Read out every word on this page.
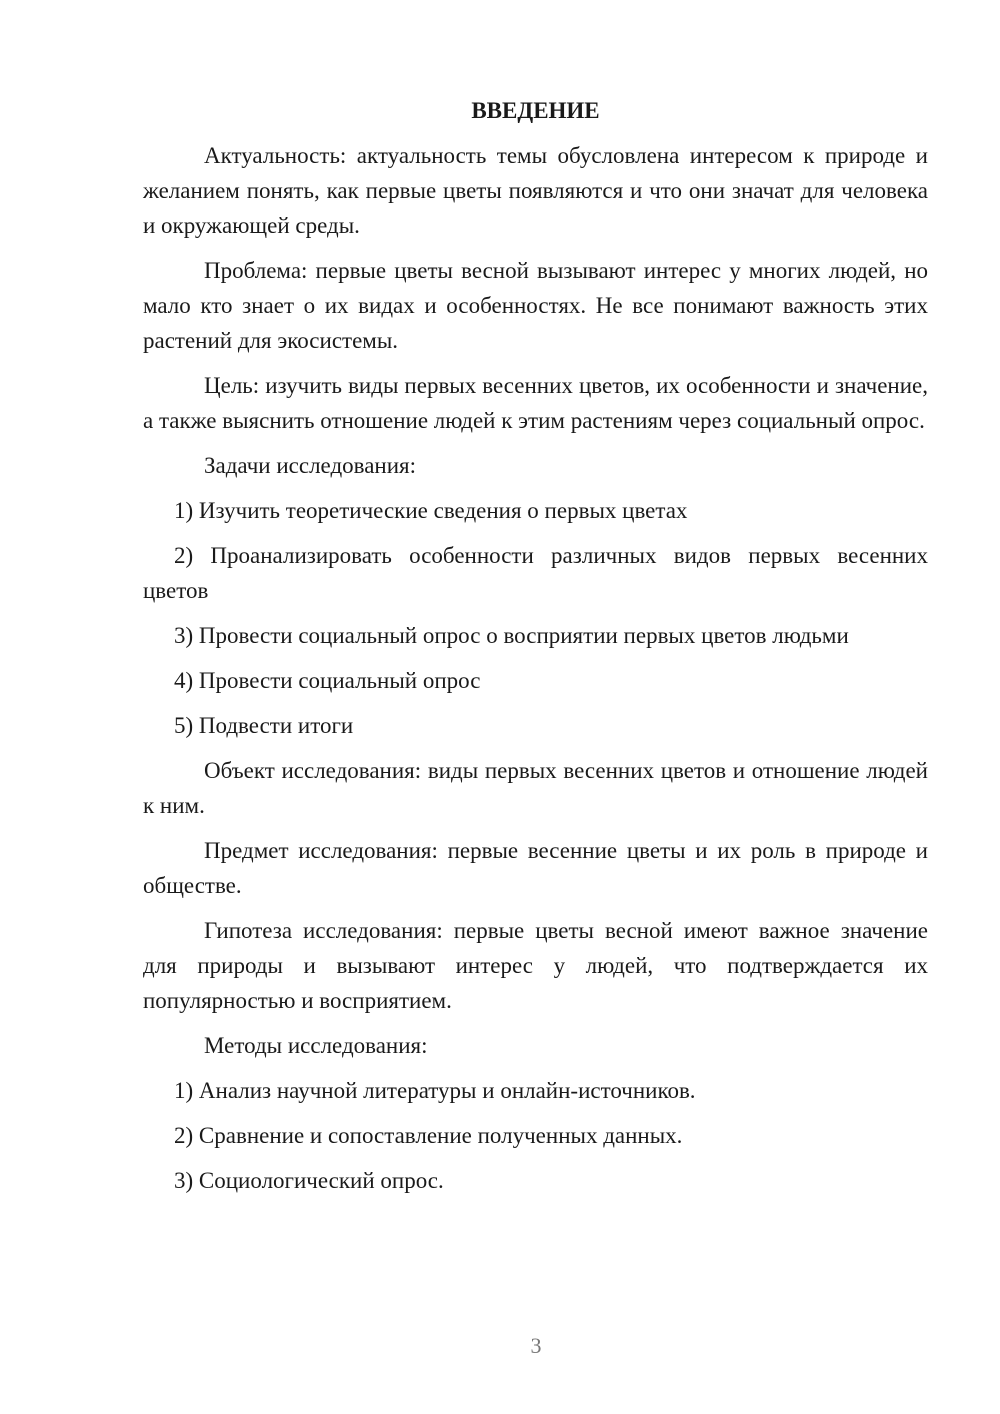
ВВЕДЕНИЕ

Актуальность: актуальность темы обусловлена интересом к природе и желанием понять, как первые цветы появляются и что они значат для человека и окружающей среды.

Проблема: первые цветы весной вызывают интерес у многих людей, но мало кто знает о их видах и особенностях. Не все понимают важность этих растений для экосистемы.

Цель: изучить виды первых весенних цветов, их особенности и значение, а также выяснить отношение людей к этим растениям через социальный опрос.

Задачи исследования:

1) Изучить теоретические сведения о первых цветах

2) Проанализировать особенности различных видов первых весенних цветов

3) Провести социальный опрос о восприятии первых цветов людьми

4) Провести социальный опрос

5) Подвести итоги

Объект исследования: виды первых весенних цветов и отношение людей к ним.

Предмет исследования: первые весенние цветы и их роль в природе и обществе.

Гипотеза исследования: первые цветы весной имеют важное значение для природы и вызывают интерес у людей, что подтверждается их популярностью и восприятием.

Методы исследования:

1) Анализ научной литературы и онлайн-источников.

2) Сравнение и сопоставление полученных данных.

3) Социологический опрос.

3
